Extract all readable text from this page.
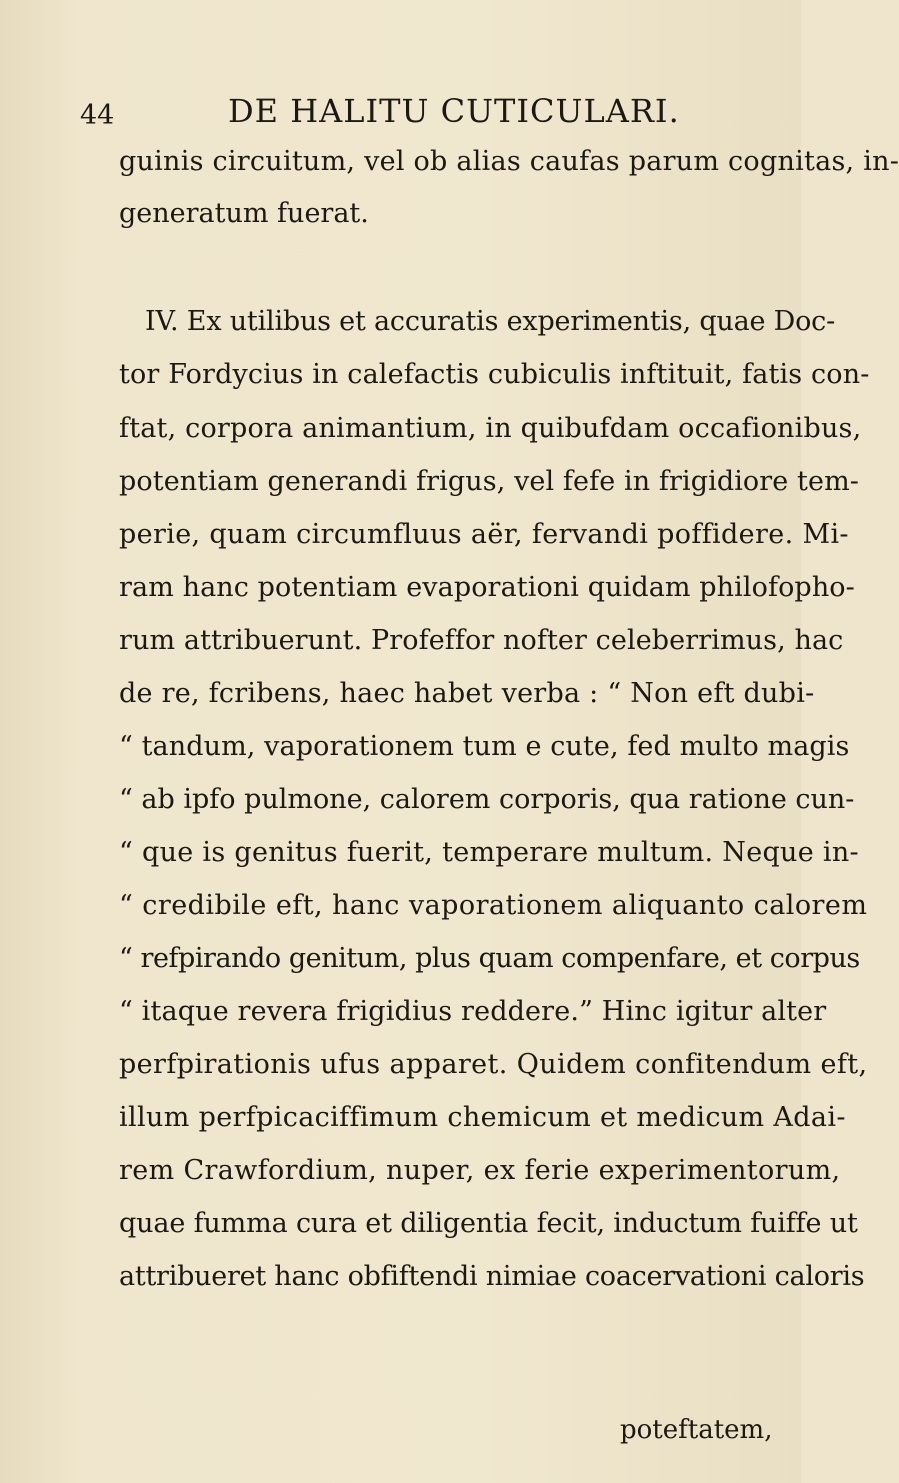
44	DE HALITU CUTICULARI.
guinis circuitum, vel ob alias caufas parum cognitas, in-
generatum fuerat.
IV. Ex utilibus et accuratis experimentis, quae Doc-
tor Fordycius in calefactis cubiculis inftituit, fatis con-
ftat, corpora animantium, in quibufdam occafionibus,
potentiam generandi frigus, vel fefe in frigidiore tem-
perie, quam circumfluus aër, fervandi poffidere. Mi-
ram hanc potentiam evaporationi quidam philofopho-
rum attribuerunt. Profeffor nofter celeberrimus, hac
de re, fcribens, haec habet verba : “ Non eft dubi-
“ tandum, vaporationem tum e cute, fed multo magis
“ ab ipfo pulmone, calorem corporis, qua ratione cun-
“ que is genitus fuerit, temperare multum. Neque in-
“ credibile eft, hanc vaporationem aliquanto calorem
“ refpirando genitum, plus quam compenfare, et corpus
“ itaque revera frigidius reddere.” Hinc igitur alter
perfpirationis ufus apparet. Quidem confitendum eft,
illum perfpicaciffimum chemicum et medicum Adai-
rem Crawfordium, nuper, ex ferie experimentorum,
quae fumma cura et diligentia fecit, inductum fuiffe ut
attribueret hanc obfiftendi nimiae coacervationi caloris
poteftatem,
